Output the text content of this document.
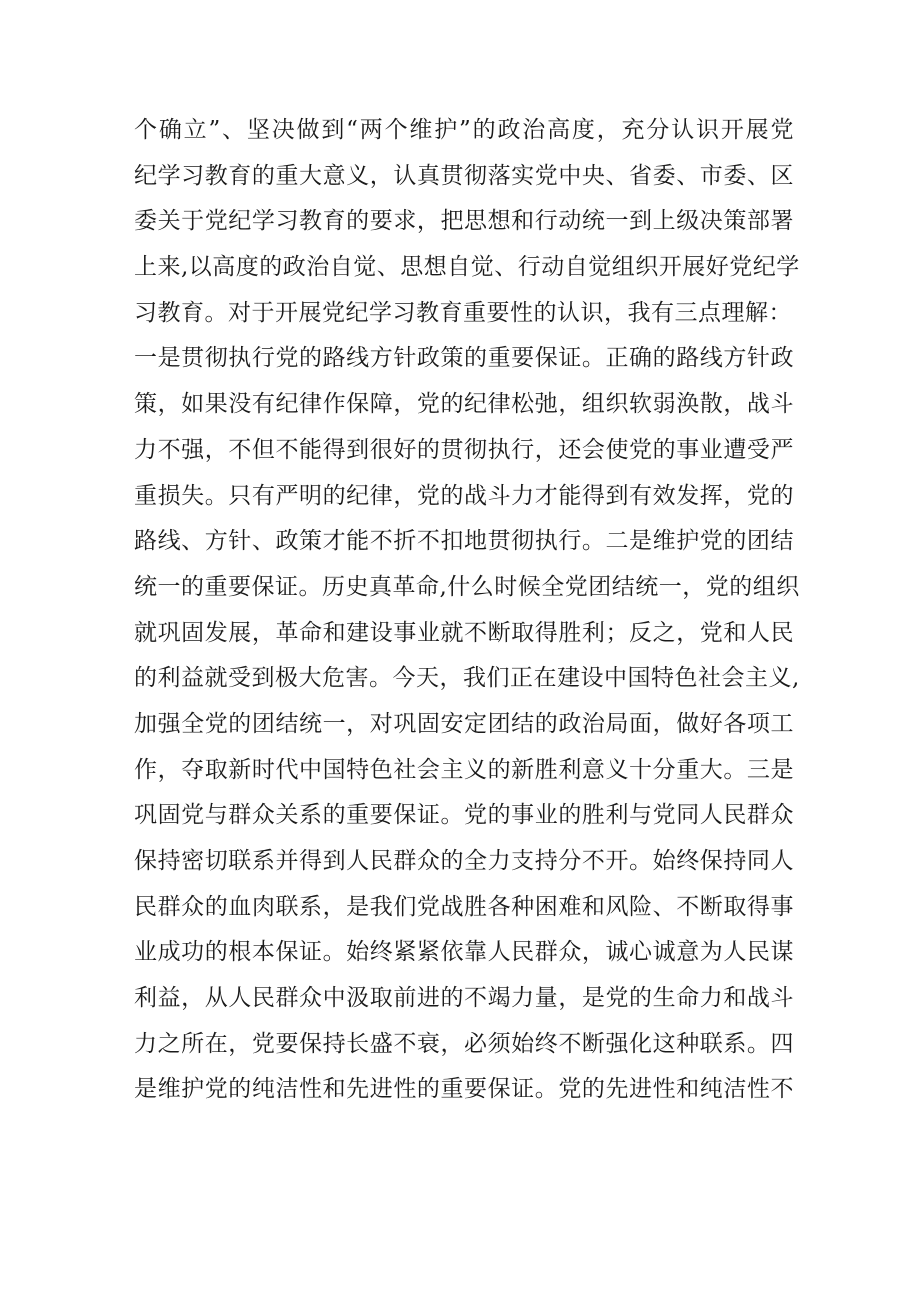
个确立”、坚决做到“两个维护”的政治高度，充分认识开展党
纪学习教育的重大意义，认真贯彻落实党中央、省委、市委、区
委关于党纪学习教育的要求，把思想和行动统一到上级决策部署
上来,以高度的政治自觉、思想自觉、行动自觉组织开展好党纪学
习教育。对于开展党纪学习教育重要性的认识，我有三点理解：
一是贯彻执行党的路线方针政策的重要保证。正确的路线方针政
策，如果没有纪律作保障，党的纪律松弛，组织软弱涣散，战斗
力不强，不但不能得到很好的贯彻执行，还会使党的事业遭受严
重损失。只有严明的纪律，党的战斗力才能得到有效发挥，党的
路线、方针、政策才能不折不扣地贯彻执行。二是维护党的团结
统一的重要保证。历史真革命,什么时候全党团结统一，党的组织
就巩固发展，革命和建设事业就不断取得胜利；反之，党和人民
的利益就受到极大危害。今天，我们正在建设中国特色社会主义,
加强全党的团结统一，对巩固安定团结的政治局面，做好各项工
作，夺取新时代中国特色社会主义的新胜利意义十分重大。三是
巩固党与群众关系的重要保证。党的事业的胜利与党同人民群众
保持密切联系并得到人民群众的全力支持分不开。始终保持同人
民群众的血肉联系，是我们党战胜各种困难和风险、不断取得事
业成功的根本保证。始终紧紧依靠人民群众，诚心诚意为人民谋
利益，从人民群众中汲取前进的不竭力量，是党的生命力和战斗
力之所在，党要保持长盛不衰，必须始终不断强化这种联系。四
是维护党的纯洁性和先进性的重要保证。党的先进性和纯洁性不
